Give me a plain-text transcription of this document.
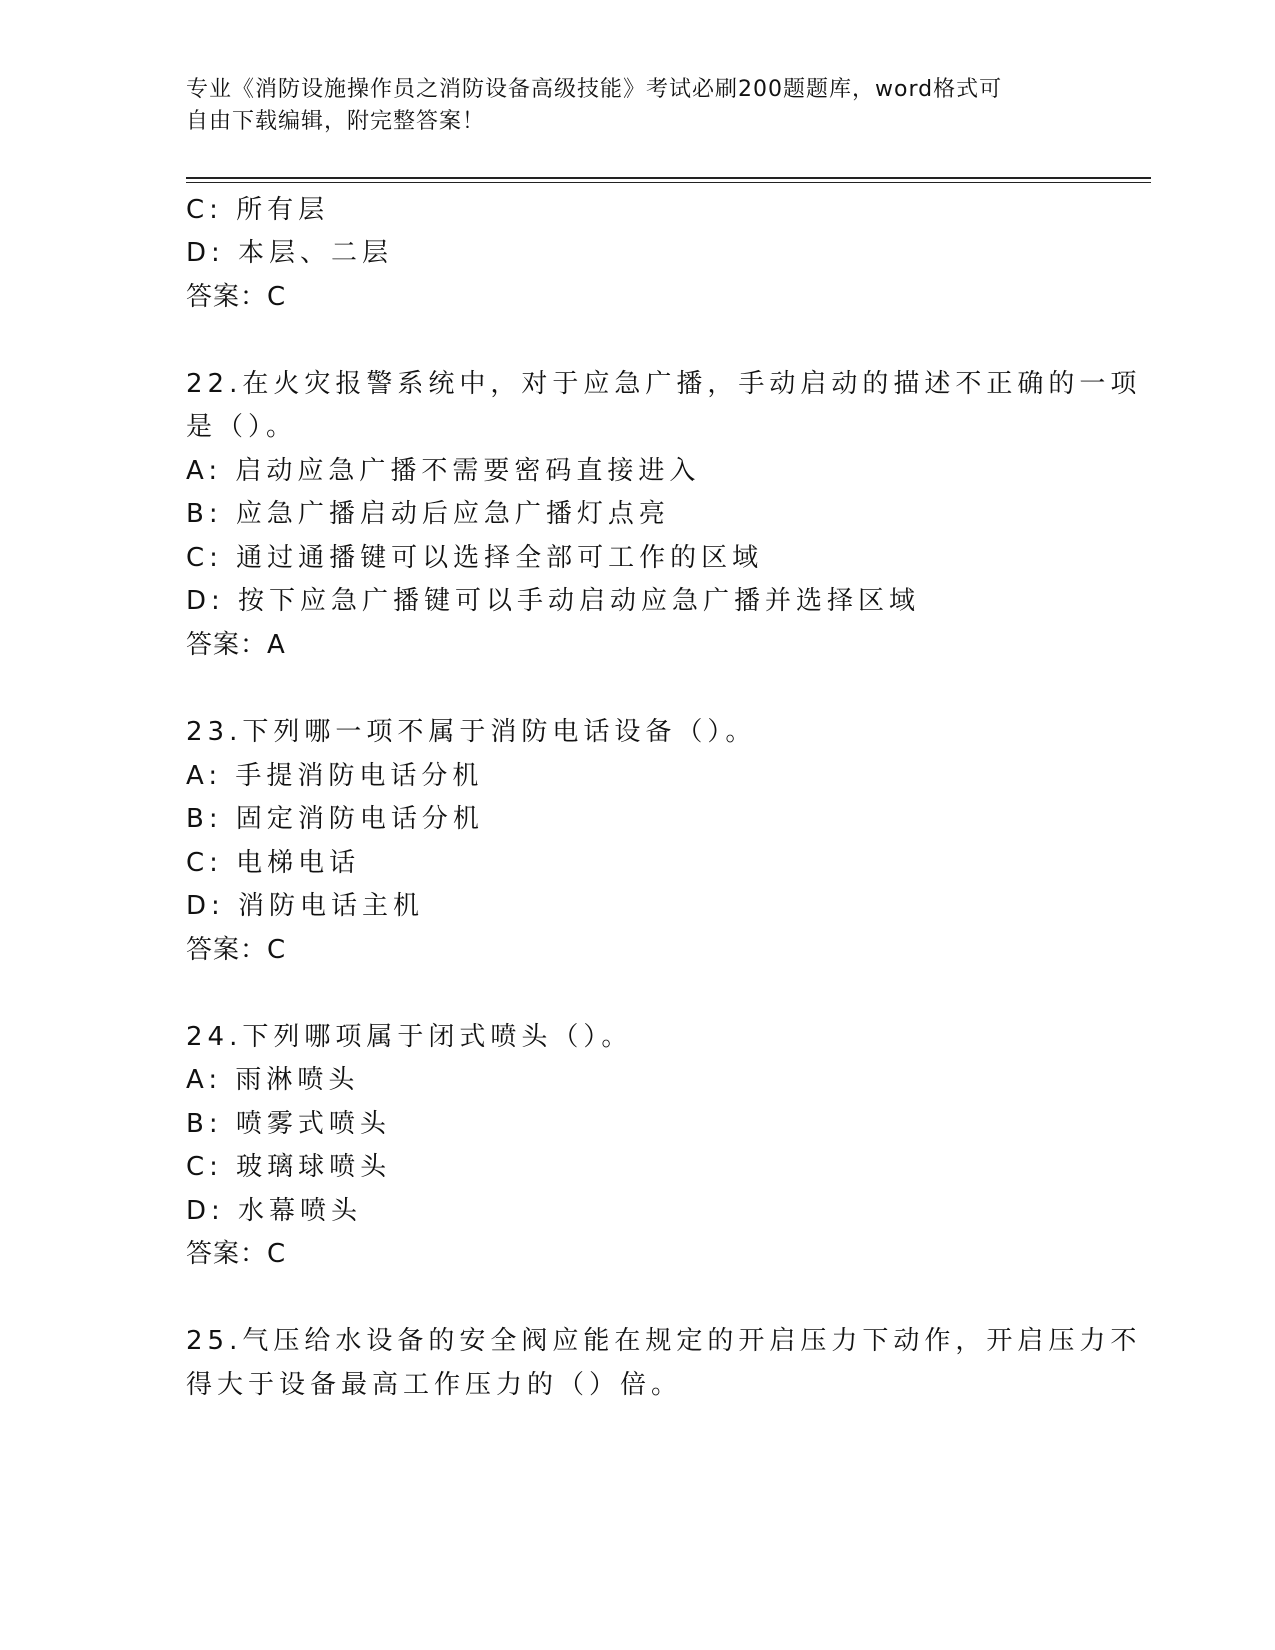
专业《消防设施操作员之消防设备高级技能》考试必刷200题题库，word格式可
自由下载编辑，附完整答案！
C: 所有层
D: 本层、二层
答案：C
22.在火灾报警系统中，对于应急广播，手动启动的描述不正确的一项
是（）。
A: 启动应急广播不需要密码直接进入
B: 应急广播启动后应急广播灯点亮
C: 通过通播键可以选择全部可工作的区域
D: 按下应急广播键可以手动启动应急广播并选择区域
答案：A
23.下列哪一项不属于消防电话设备（）。
A: 手提消防电话分机
B: 固定消防电话分机
C: 电梯电话
D: 消防电话主机
答案：C
24.下列哪项属于闭式喷头（）。
A: 雨淋喷头
B: 喷雾式喷头
C: 玻璃球喷头
D: 水幕喷头
答案：C
25.气压给水设备的安全阀应能在规定的开启压力下动作，开启压力不
得大于设备最高工作压力的（）倍。
